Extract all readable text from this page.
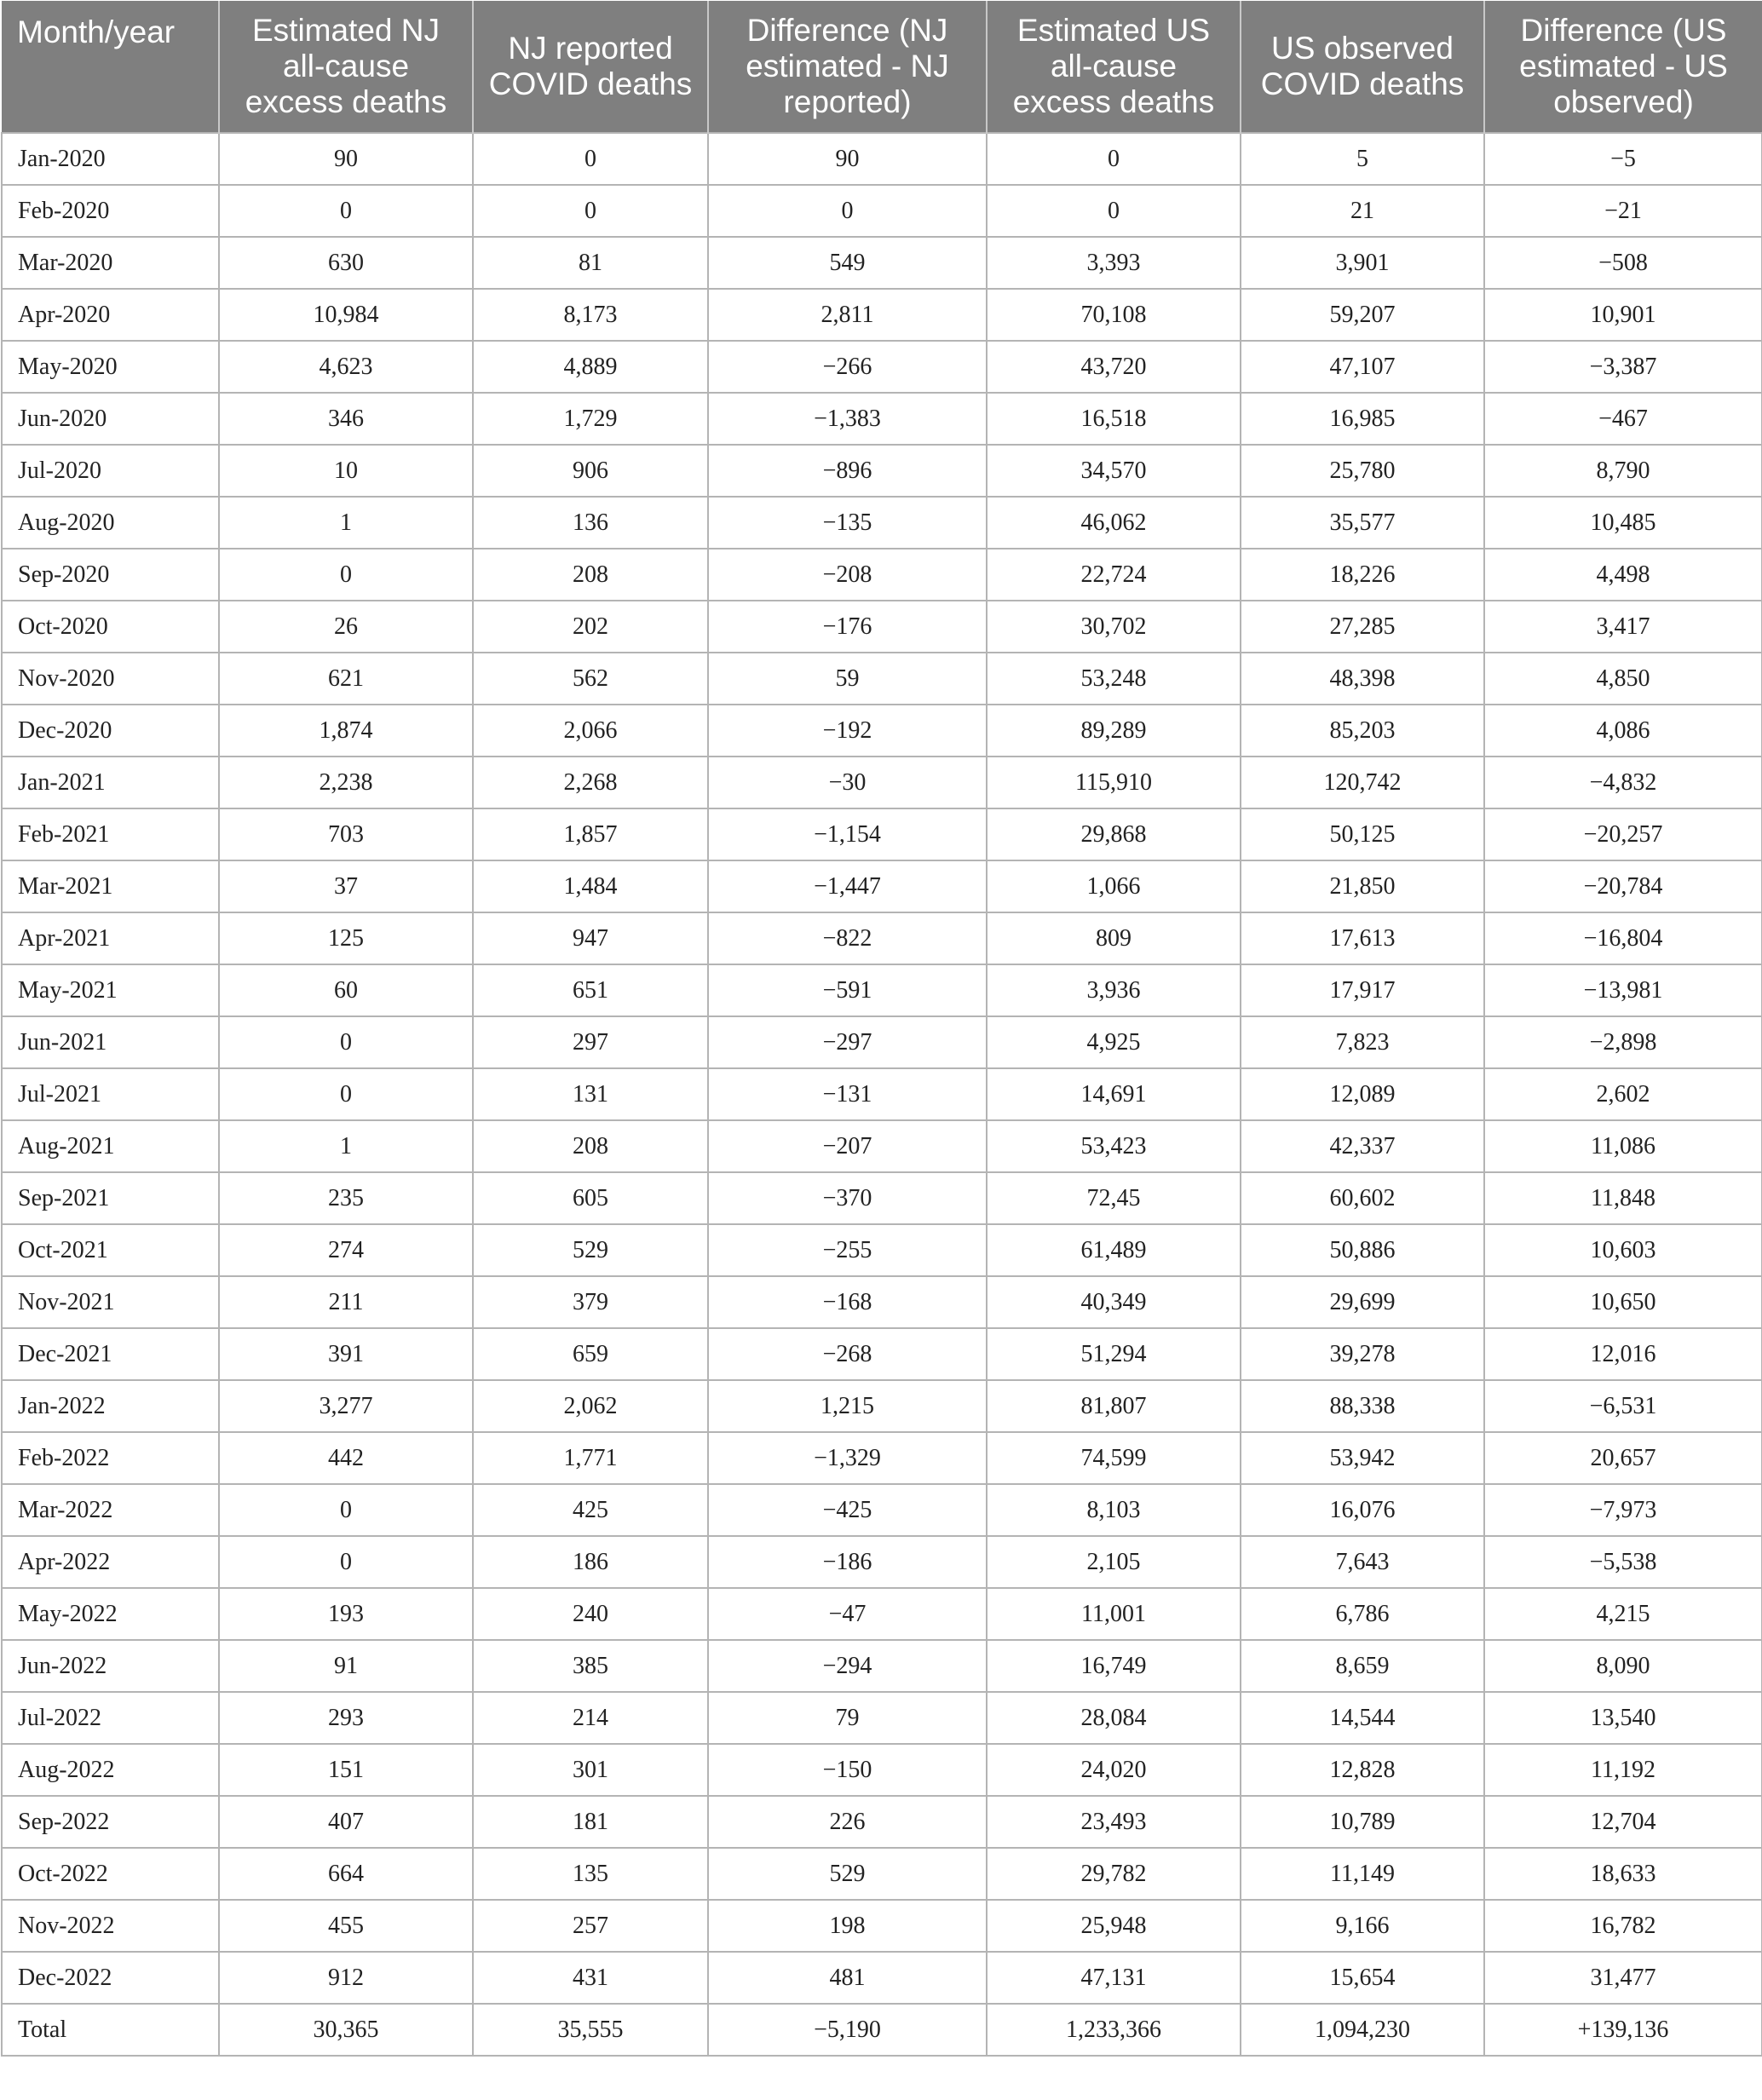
Month/year	Estimated NJ all-cause excess deaths	NJ reported COVID deaths	Difference (NJ estimated - NJ reported)	Estimated US all-cause excess deaths	US observed COVID deaths	Difference (US estimated - US observed)
Jan-2020	90	0	90	0	5	−5
Feb-2020	0	0	0	0	21	−21
Mar-2020	630	81	549	3,393	3,901	−508
Apr-2020	10,984	8,173	2,811	70,108	59,207	10,901
May-2020	4,623	4,889	−266	43,720	47,107	−3,387
Jun-2020	346	1,729	−1,383	16,518	16,985	−467
Jul-2020	10	906	−896	34,570	25,780	8,790
Aug-2020	1	136	−135	46,062	35,577	10,485
Sep-2020	0	208	−208	22,724	18,226	4,498
Oct-2020	26	202	−176	30,702	27,285	3,417
Nov-2020	621	562	59	53,248	48,398	4,850
Dec-2020	1,874	2,066	−192	89,289	85,203	4,086
Jan-2021	2,238	2,268	−30	115,910	120,742	−4,832
Feb-2021	703	1,857	−1,154	29,868	50,125	−20,257
Mar-2021	37	1,484	−1,447	1,066	21,850	−20,784
Apr-2021	125	947	−822	809	17,613	−16,804
May-2021	60	651	−591	3,936	17,917	−13,981
Jun-2021	0	297	−297	4,925	7,823	−2,898
Jul-2021	0	131	−131	14,691	12,089	2,602
Aug-2021	1	208	−207	53,423	42,337	11,086
Sep-2021	235	605	−370	72,45	60,602	11,848
Oct-2021	274	529	−255	61,489	50,886	10,603
Nov-2021	211	379	−168	40,349	29,699	10,650
Dec-2021	391	659	−268	51,294	39,278	12,016
Jan-2022	3,277	2,062	1,215	81,807	88,338	−6,531
Feb-2022	442	1,771	−1,329	74,599	53,942	20,657
Mar-2022	0	425	−425	8,103	16,076	−7,973
Apr-2022	0	186	−186	2,105	7,643	−5,538
May-2022	193	240	−47	11,001	6,786	4,215
Jun-2022	91	385	−294	16,749	8,659	8,090
Jul-2022	293	214	79	28,084	14,544	13,540
Aug-2022	151	301	−150	24,020	12,828	11,192
Sep-2022	407	181	226	23,493	10,789	12,704
Oct-2022	664	135	529	29,782	11,149	18,633
Nov-2022	455	257	198	25,948	9,166	16,782
Dec-2022	912	431	481	47,131	15,654	31,477
Total	30,365	35,555	−5,190	1,233,366	1,094,230	+139,136
